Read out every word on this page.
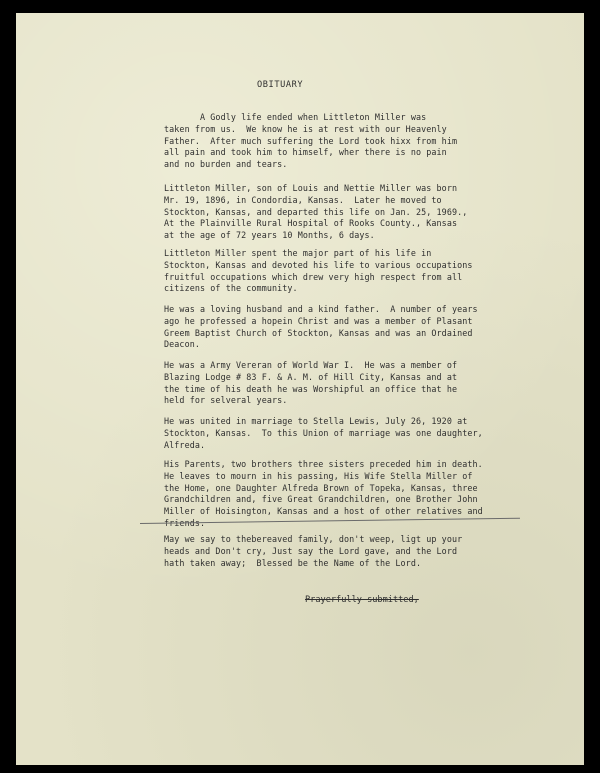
OBITUARY
A Godly life ended when Littleton Miller was
taken from us.  We know he is at rest with our Heavenly
Father.  After much suffering the Lord took hixx from him
all pain and took him to himself, wher there is no pain
and no burden and tears.
Littleton Miller, son of Louis and Nettie Miller was born
Mr. 19, 1896, in Condordia, Kansas.  Later he moved to
Stockton, Kansas, and departed this life on Jan. 25, 1969.,
At the Plainville Rural Hospital of Rooks County., Kansas
at the age of 72 years 10 Months, 6 days.
Littleton Miller spent the major part of his life in
Stockton, Kansas and devoted his life to various occupations
fruitful occupations which drew very high respect from all
citizens of the community.
He was a loving husband and a kind father.  A number of years
ago he professed a hopein Christ and was a member of Plasant
Greem Baptist Church of Stockton, Kansas and was an Ordained
Deacon.
He was a Army Vereran of World War I.  He was a member of
Blazing Lodge # 83 F. & A. M. of Hill City, Kansas and at
the time of his death he was Worshipful an office that he
held for selveral years.
He was united in marriage to Stella Lewis, July 26, 1920 at
Stockton, Kansas.  To this Union of marriage was one daughter,
Alfreda.
His Parents, two brothers three sisters preceded him in death.
He leaves to mourn in his passing, His Wife Stella Miller of
the Home, one Daughter Alfreda Brown of Topeka, Kansas, three
Grandchildren and, five Great Grandchildren, one Brother John
Miller of Hoisington, Kansas and a host of other relatives and
friends.
May we say to thebereaved family, don't weep, ligt up your
heads and Don't cry, Just say the Lord gave, and the Lord
hath taken away;  Blessed be the Name of the Lord.
Prayerfully submitted,
